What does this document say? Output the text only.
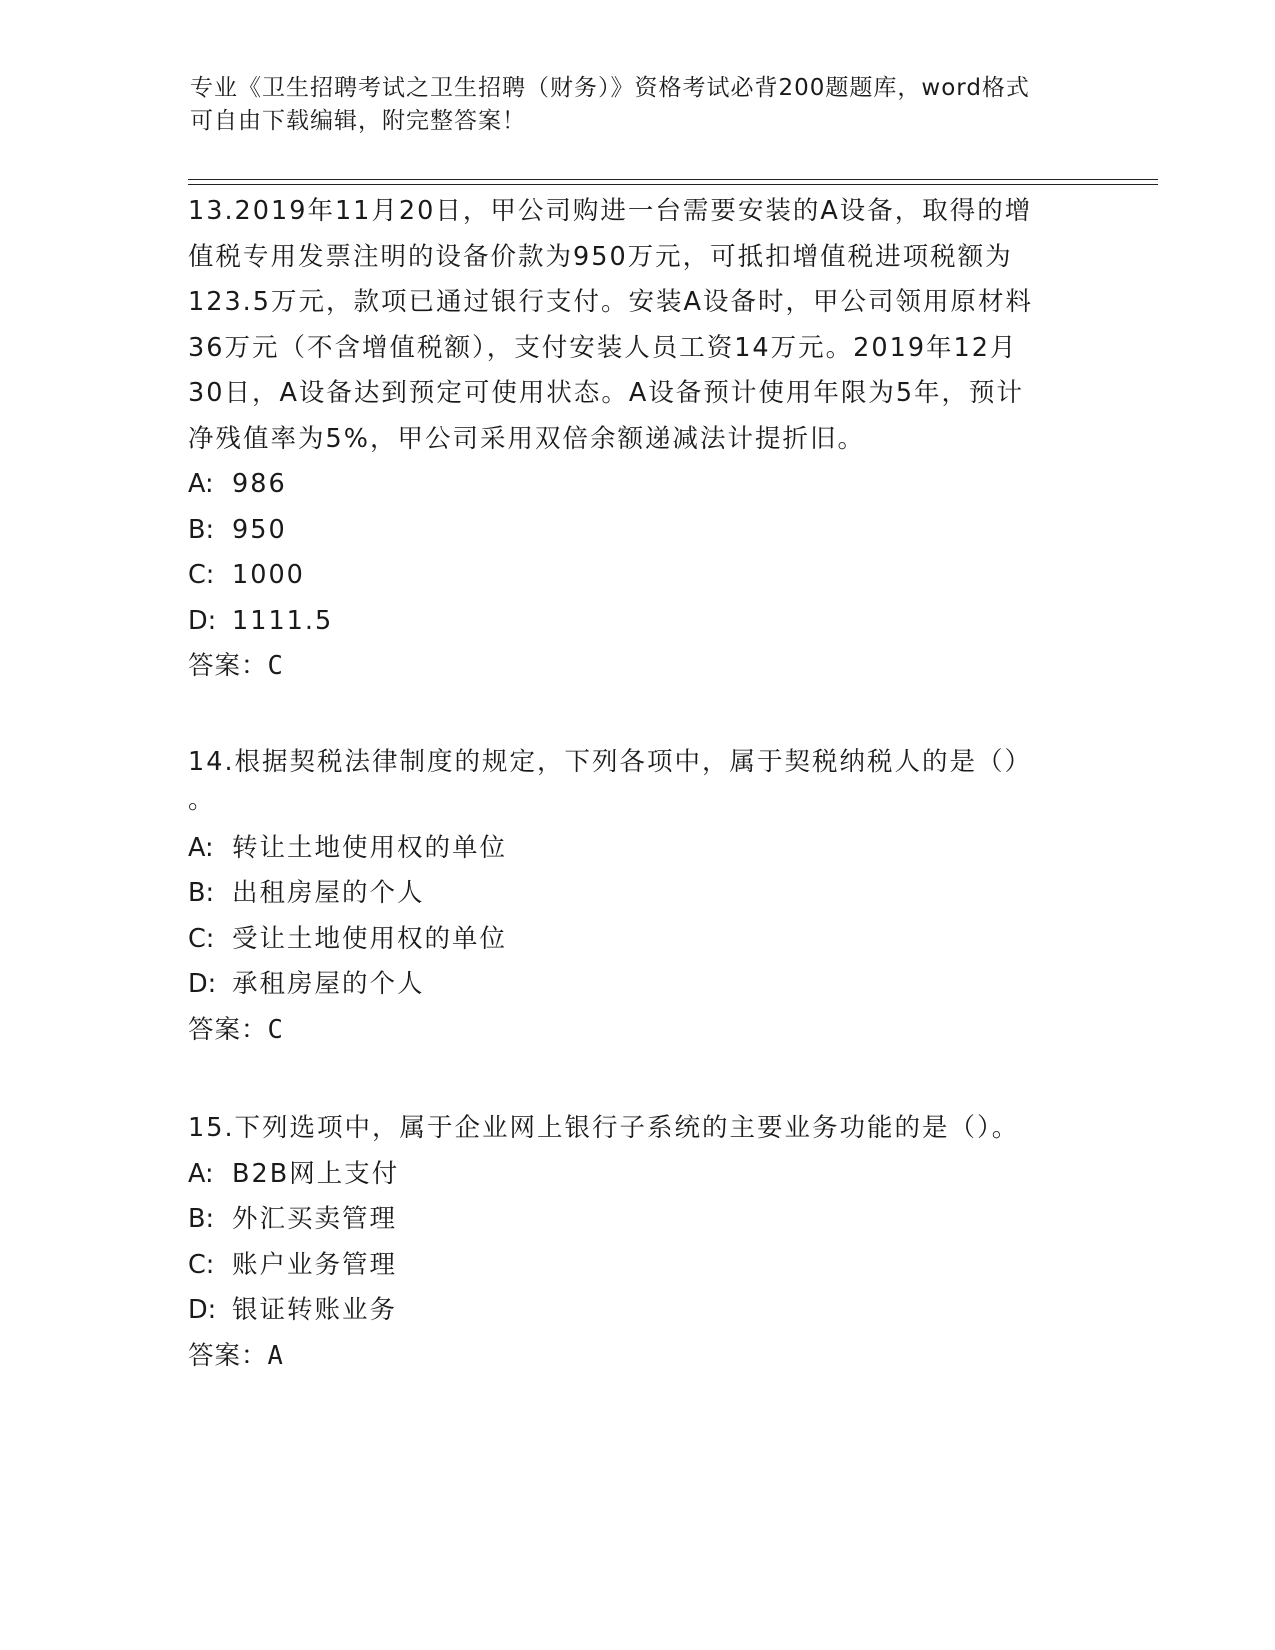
专业《卫生招聘考试之卫生招聘（财务）》资格考试必背200题题库，word格式
可自由下载编辑，附完整答案！
13.2019年11月20日，甲公司购进一台需要安装的A设备，取得的增
值税专用发票注明的设备价款为950万元，可抵扣增值税进项税额为
123.5万元，款项已通过银行支付。安装A设备时，甲公司领用原材料
36万元（不含增值税额），支付安装人员工资14万元。2019年12月
30日，A设备达到预定可使用状态。A设备预计使用年限为5年，预计
净残值率为5%，甲公司采用双倍余额递减法计提折旧。
A: 986
B: 950
C: 1000
D: 1111.5
答案：C
14.根据契税法律制度的规定，下列各项中，属于契税纳税人的是（）
。
A: 转让土地使用权的单位
B: 出租房屋的个人
C: 受让土地使用权的单位
D: 承租房屋的个人
答案：C
15.下列选项中，属于企业网上银行子系统的主要业务功能的是（）。
A: B2B网上支付
B: 外汇买卖管理
C: 账户业务管理
D: 银证转账业务
答案：A
